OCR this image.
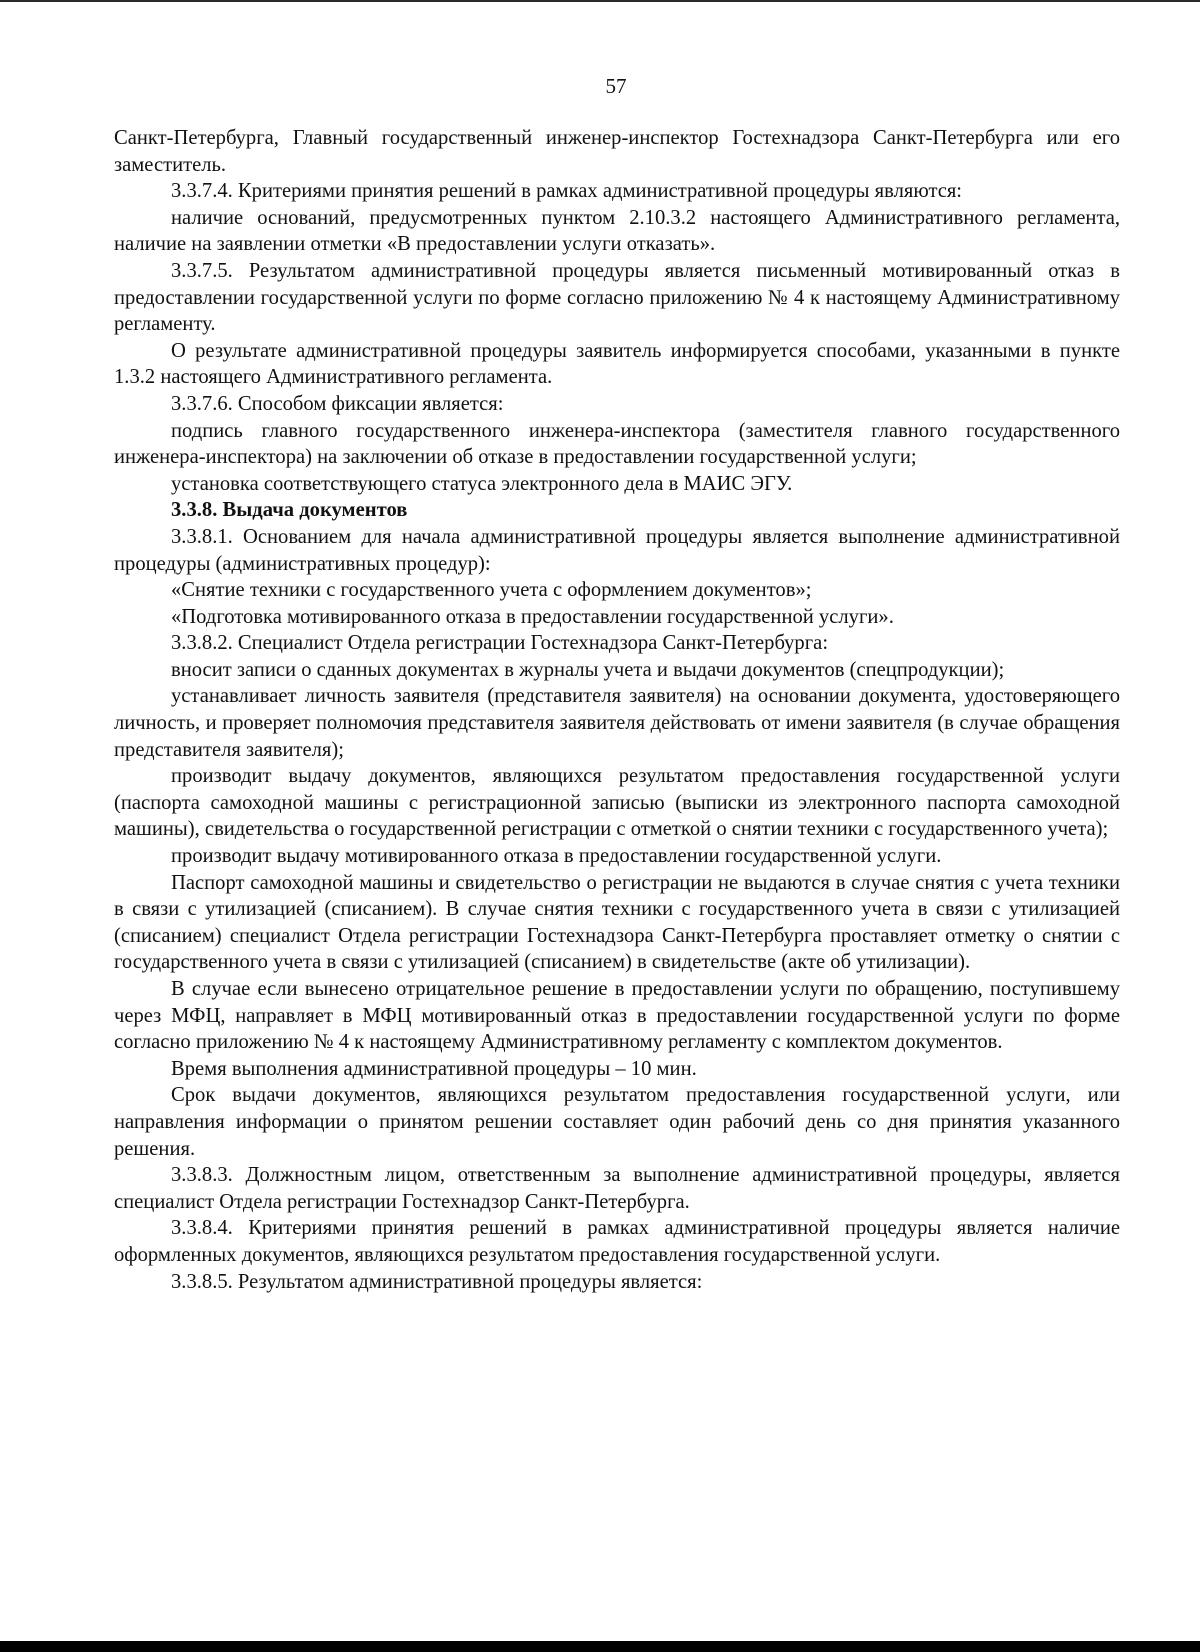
57

Санкт-Петербурга, Главный государственный инженер-инспектор Гостехнадзора Санкт-Петербурга или его заместитель.

3.3.7.4. Критериями принятия решений в рамках административной процедуры являются:

наличие оснований, предусмотренных пунктом 2.10.3.2 настоящего Административного регламента, наличие на заявлении отметки «В предоставлении услуги отказать».

3.3.7.5. Результатом административной процедуры является письменный мотивированный отказ в предоставлении государственной услуги по форме согласно приложению № 4 к настоящему Административному регламенту.

О результате административной процедуры заявитель информируется способами, указанными в пункте 1.3.2 настоящего Административного регламента.

3.3.7.6. Способом фиксации является:

подпись главного государственного инженера-инспектора (заместителя главного государственного инженера-инспектора) на заключении об отказе в предоставлении государственной услуги;

установка соответствующего статуса электронного дела в МАИС ЭГУ.

3.3.8. Выдача документов

3.3.8.1. Основанием для начала административной процедуры является выполнение административной процедуры (административных процедур):

«Снятие техники с государственного учета с оформлением документов»;

«Подготовка мотивированного отказа в предоставлении государственной услуги».

3.3.8.2. Специалист Отдела регистрации Гостехнадзора Санкт-Петербурга:

вносит записи о сданных документах в журналы учета и выдачи документов (спецпродукции);

устанавливает личность заявителя (представителя заявителя) на основании документа, удостоверяющего личность, и проверяет полномочия представителя заявителя действовать от имени заявителя (в случае обращения представителя заявителя);

производит выдачу документов, являющихся результатом предоставления государственной услуги (паспорта самоходной машины с регистрационной записью (выписки из электронного паспорта самоходной машины), свидетельства о государственной регистрации с отметкой о снятии техники с государственного учета);

производит выдачу мотивированного отказа в предоставлении государственной услуги.

Паспорт самоходной машины и свидетельство о регистрации не выдаются в случае снятия с учета техники в связи с утилизацией (списанием). В случае снятия техники с государственного учета в связи с утилизацией (списанием) специалист Отдела регистрации Гостехнадзора Санкт-Петербурга проставляет отметку о снятии с государственного учета в связи с утилизацией (списанием) в свидетельстве (акте об утилизации).

В случае если вынесено отрицательное решение в предоставлении услуги по обращению, поступившему через МФЦ, направляет в МФЦ мотивированный отказ в предоставлении государственной услуги по форме согласно приложению № 4 к настоящему Административному регламенту с комплектом документов.

Время выполнения административной процедуры – 10 мин.

Срок выдачи документов, являющихся результатом предоставления государственной услуги, или направления информации о принятом решении составляет один рабочий день со дня принятия указанного решения.

3.3.8.3. Должностным лицом, ответственным за выполнение административной процедуры, является специалист Отдела регистрации Гостехнадзор Санкт-Петербурга.

3.3.8.4. Критериями принятия решений в рамках административной процедуры является наличие оформленных документов, являющихся результатом предоставления государственной услуги.

3.3.8.5. Результатом административной процедуры является:
